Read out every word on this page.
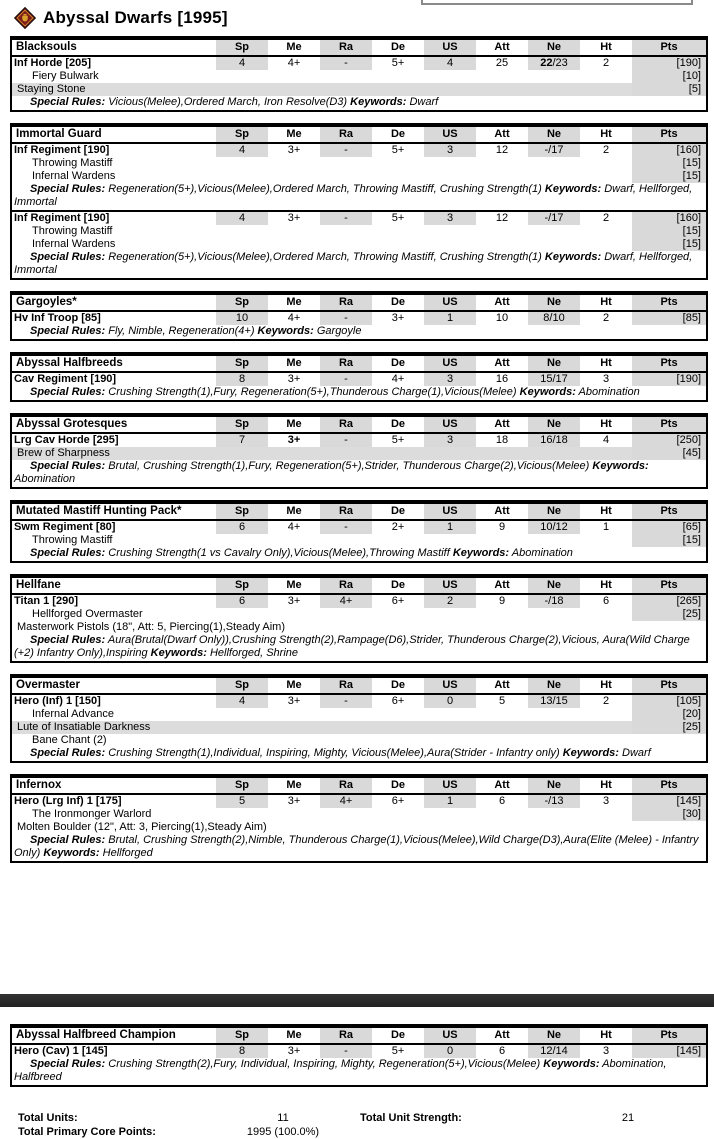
Abyssal Dwarfs [1995]
Blacksouls	Sp	Me	Ra	De	US	Att	Ne	Ht	Pts
Inf Horde [205]	4	4+	-	5+	4	25	22/23	2	[190]
Fiery Bulwark									[10]
Staying Stone									[5]
Special Rules: Vicious(Melee),Ordered March, Iron Resolve(D3) Keywords: Dwarf									
Immortal Guard	Sp	Me	Ra	De	US	Att	Ne	Ht	Pts
Inf Regiment [190]	4	3+	-	5+	3	12	-/17	2	[160]
Throwing Mastiff									[15]
Infernal Wardens									[15]
Special Rules: Regeneration(5+),Vicious(Melee),Ordered March, Throwing Mastiff, Crushing Strength(1) Keywords: Dwarf, Hellforged, Immortal									
Inf Regiment [190]	4	3+	-	5+	3	12	-/17	2	[160]
Throwing Mastiff									[15]
Infernal Wardens									[15]
Special Rules: Regeneration(5+),Vicious(Melee),Ordered March, Throwing Mastiff, Crushing Strength(1) Keywords: Dwarf, Hellforged, Immortal									
Gargoyles*	Sp	Me	Ra	De	US	Att	Ne	Ht	Pts
Hv Inf Troop [85]	10	4+	-	3+	1	10	8/10	2	[85]
Special Rules: Fly, Nimble, Regeneration(4+) Keywords: Gargoyle									
Abyssal Halfbreeds	Sp	Me	Ra	De	US	Att	Ne	Ht	Pts
Cav Regiment [190]	8	3+	-	4+	3	16	15/17	3	[190]
Special Rules: Crushing Strength(1),Fury, Regeneration(5+),Thunderous Charge(1),Vicious(Melee) Keywords: Abomination									
Abyssal Grotesques	Sp	Me	Ra	De	US	Att	Ne	Ht	Pts
Lrg Cav Horde [295]	7	3+	-	5+	3	18	16/18	4	[250]
Brew of Sharpness									[45]
Special Rules: Brutal, Crushing Strength(1),Fury, Regeneration(5+),Strider, Thunderous Charge(2),Vicious(Melee) Keywords: Abomination									
Mutated Mastiff Hunting Pack*	Sp	Me	Ra	De	US	Att	Ne	Ht	Pts
Swm Regiment [80]	6	4+	-	2+	1	9	10/12	1	[65]
Throwing Mastiff									[15]
Special Rules: Crushing Strength(1 vs Cavalry Only),Vicious(Melee),Throwing Mastiff Keywords: Abomination									
Hellfane	Sp	Me	Ra	De	US	Att	Ne	Ht	Pts
Titan 1 [290]	6	3+	4+	6+	2	9	-/18	6	[265]
Hellforged Overmaster									[25]
Masterwork Pistols (18", Att: 5, Piercing(1),Steady Aim)									
Special Rules: Aura(Brutal(Dwarf Only)),Crushing Strength(2),Rampage(D6),Strider, Thunderous Charge(2),Vicious, Aura(Wild Charge (+2) Infantry Only),Inspiring Keywords: Hellforged, Shrine									
Overmaster	Sp	Me	Ra	De	US	Att	Ne	Ht	Pts
Hero (Inf) 1 [150]	4	3+	-	6+	0	5	13/15	2	[105]
Infernal Advance									[20]
Lute of Insatiable Darkness									[25]
Bane Chant (2)									
Special Rules: Crushing Strength(1),Individual, Inspiring, Mighty, Vicious(Melee),Aura(Strider - Infantry only) Keywords: Dwarf									
Infernox	Sp	Me	Ra	De	US	Att	Ne	Ht	Pts
Hero (Lrg Inf) 1 [175]	5	3+	4+	6+	1	6	-/13	3	[145]
The Ironmonger Warlord									[30]
Molten Boulder (12", Att: 3, Piercing(1),Steady Aim)									
Special Rules: Brutal, Crushing Strength(2),Nimble, Thunderous Charge(1),Vicious(Melee),Wild Charge(D3),Aura(Elite (Melee) - Infantry Only) Keywords: Hellforged									
Abyssal Halfbreed Champion	Sp	Me	Ra	De	US	Att	Ne	Ht	Pts
Hero (Cav) 1 [145]	8	3+	-	5+	0	6	12/14	3	[145]
Special Rules: Crushing Strength(2),Fury, Individual, Inspiring, Mighty, Regeneration(5+),Vicious(Melee) Keywords: Abomination, Halfbreed									
Total Units:	11	Total Unit Strength:	21
Total Primary Core Points:	1995 (100.0%)
